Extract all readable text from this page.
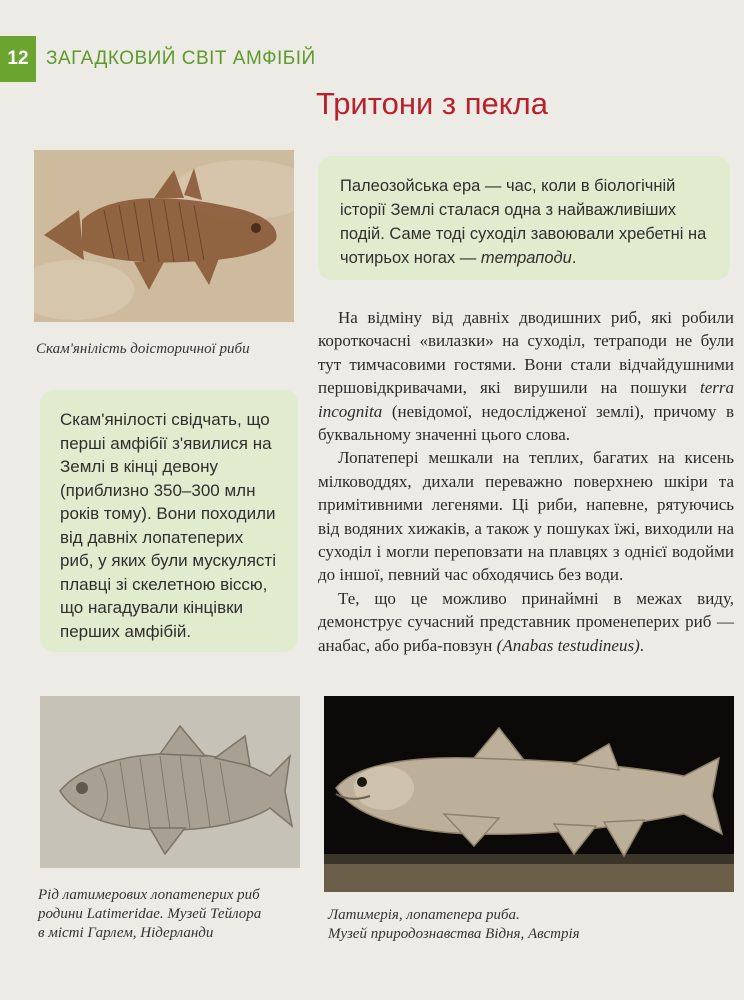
12 ЗАГАДКОВИЙ СВІТ АМФІБІЙ
Тритони з пекла
Скам'янілість доісторичної риби
Палеозойська ера — час, коли в біологічній історії Землі сталася одна з найважливіших подій. Саме тоді суходіл завоювали хребетні на чотирьох ногах — тетраподи.

На відміну від давніх дводишних риб, які робили короткочасні «вилазки» на суходіл, тетраподи не були тут тимчасовими гостями. Вони стали відчайдушними першовідкривачами, які вирушили на пошуки terra incognita (невідомої, недослідженої землі), причому в буквальному значенні цього слова.

Лопатепері мешкали на теплих, багатих на кисень мілководдях, дихали переважно поверхнею шкіри та примітивними легенями. Ці риби, напевне, рятуючись від водяних хижаків, а також у пошуках їжі, виходили на суходіл і могли переповзати на плавцях з однієї водойми до іншої, певний час обходячись без води.

Те, що це можливо принаймні в межах виду, демонструє сучасний представник променеперих риб — анабас, або риба-повзун (Anabas testudineus).

Скам'янілості свідчать, що перші амфібії з'явилися на Землі в кінці девону (приблизно 350–300 млн років тому). Вони походили від давніх лопатеперих риб, у яких були мускулясті плавці зі скелетною віссю, що нагадували кінцівки перших амфібій.
Рід латимерових лопатеперих риб
родини Latimeridae. Музей Тейлора
в місті Гарлем, Нідерланди
Латимерія, лопатепера риба.
Музей природознавства Відня, Австрія
